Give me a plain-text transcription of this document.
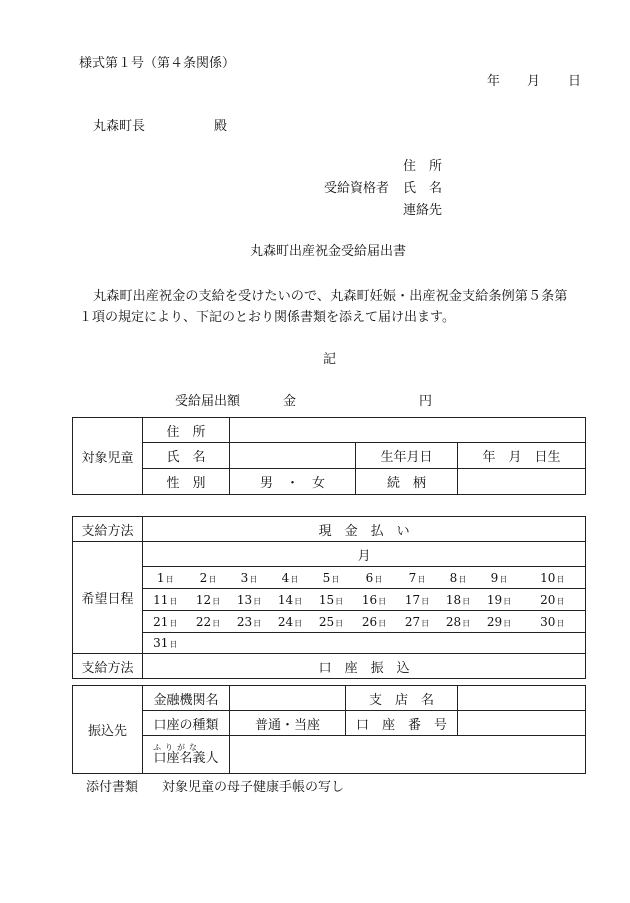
様式第１号（第４条関係）
年 月 日
丸森町長	殿
住　所
受給資格者 氏　名
連絡先
丸森町出産祝金受給届出書
丸森町出産祝金の支給を受けたいので、丸森町妊娠・出産祝金支給条例第５条第
１項の規定により、下記のとおり関係書類を添えて届け出ます。
記
受給届出額	金	円
対象児童	住　所			
	氏　名		生年月日	年　月　日生
	性　別	男　・　女	続　柄	
支給方法	現　金　払　い									
希望日程	月									
	1日	2日	3日	4日	5日	6日	7日	8日	9日	10日
	11日	12日	13日	14日	15日	16日	17日	18日	19日	20日
	21日	22日	23日	24日	25日	26日	27日	28日	29日	30日
	31日									
支給方法	口　座　振　込									
振込先	金融機関名		支　店　名	
	口座の種類	普通・当座	口　座　番　号	

	ふりがな
口座名義人			
添付書類 対象児童の母子健康手帳の写し
